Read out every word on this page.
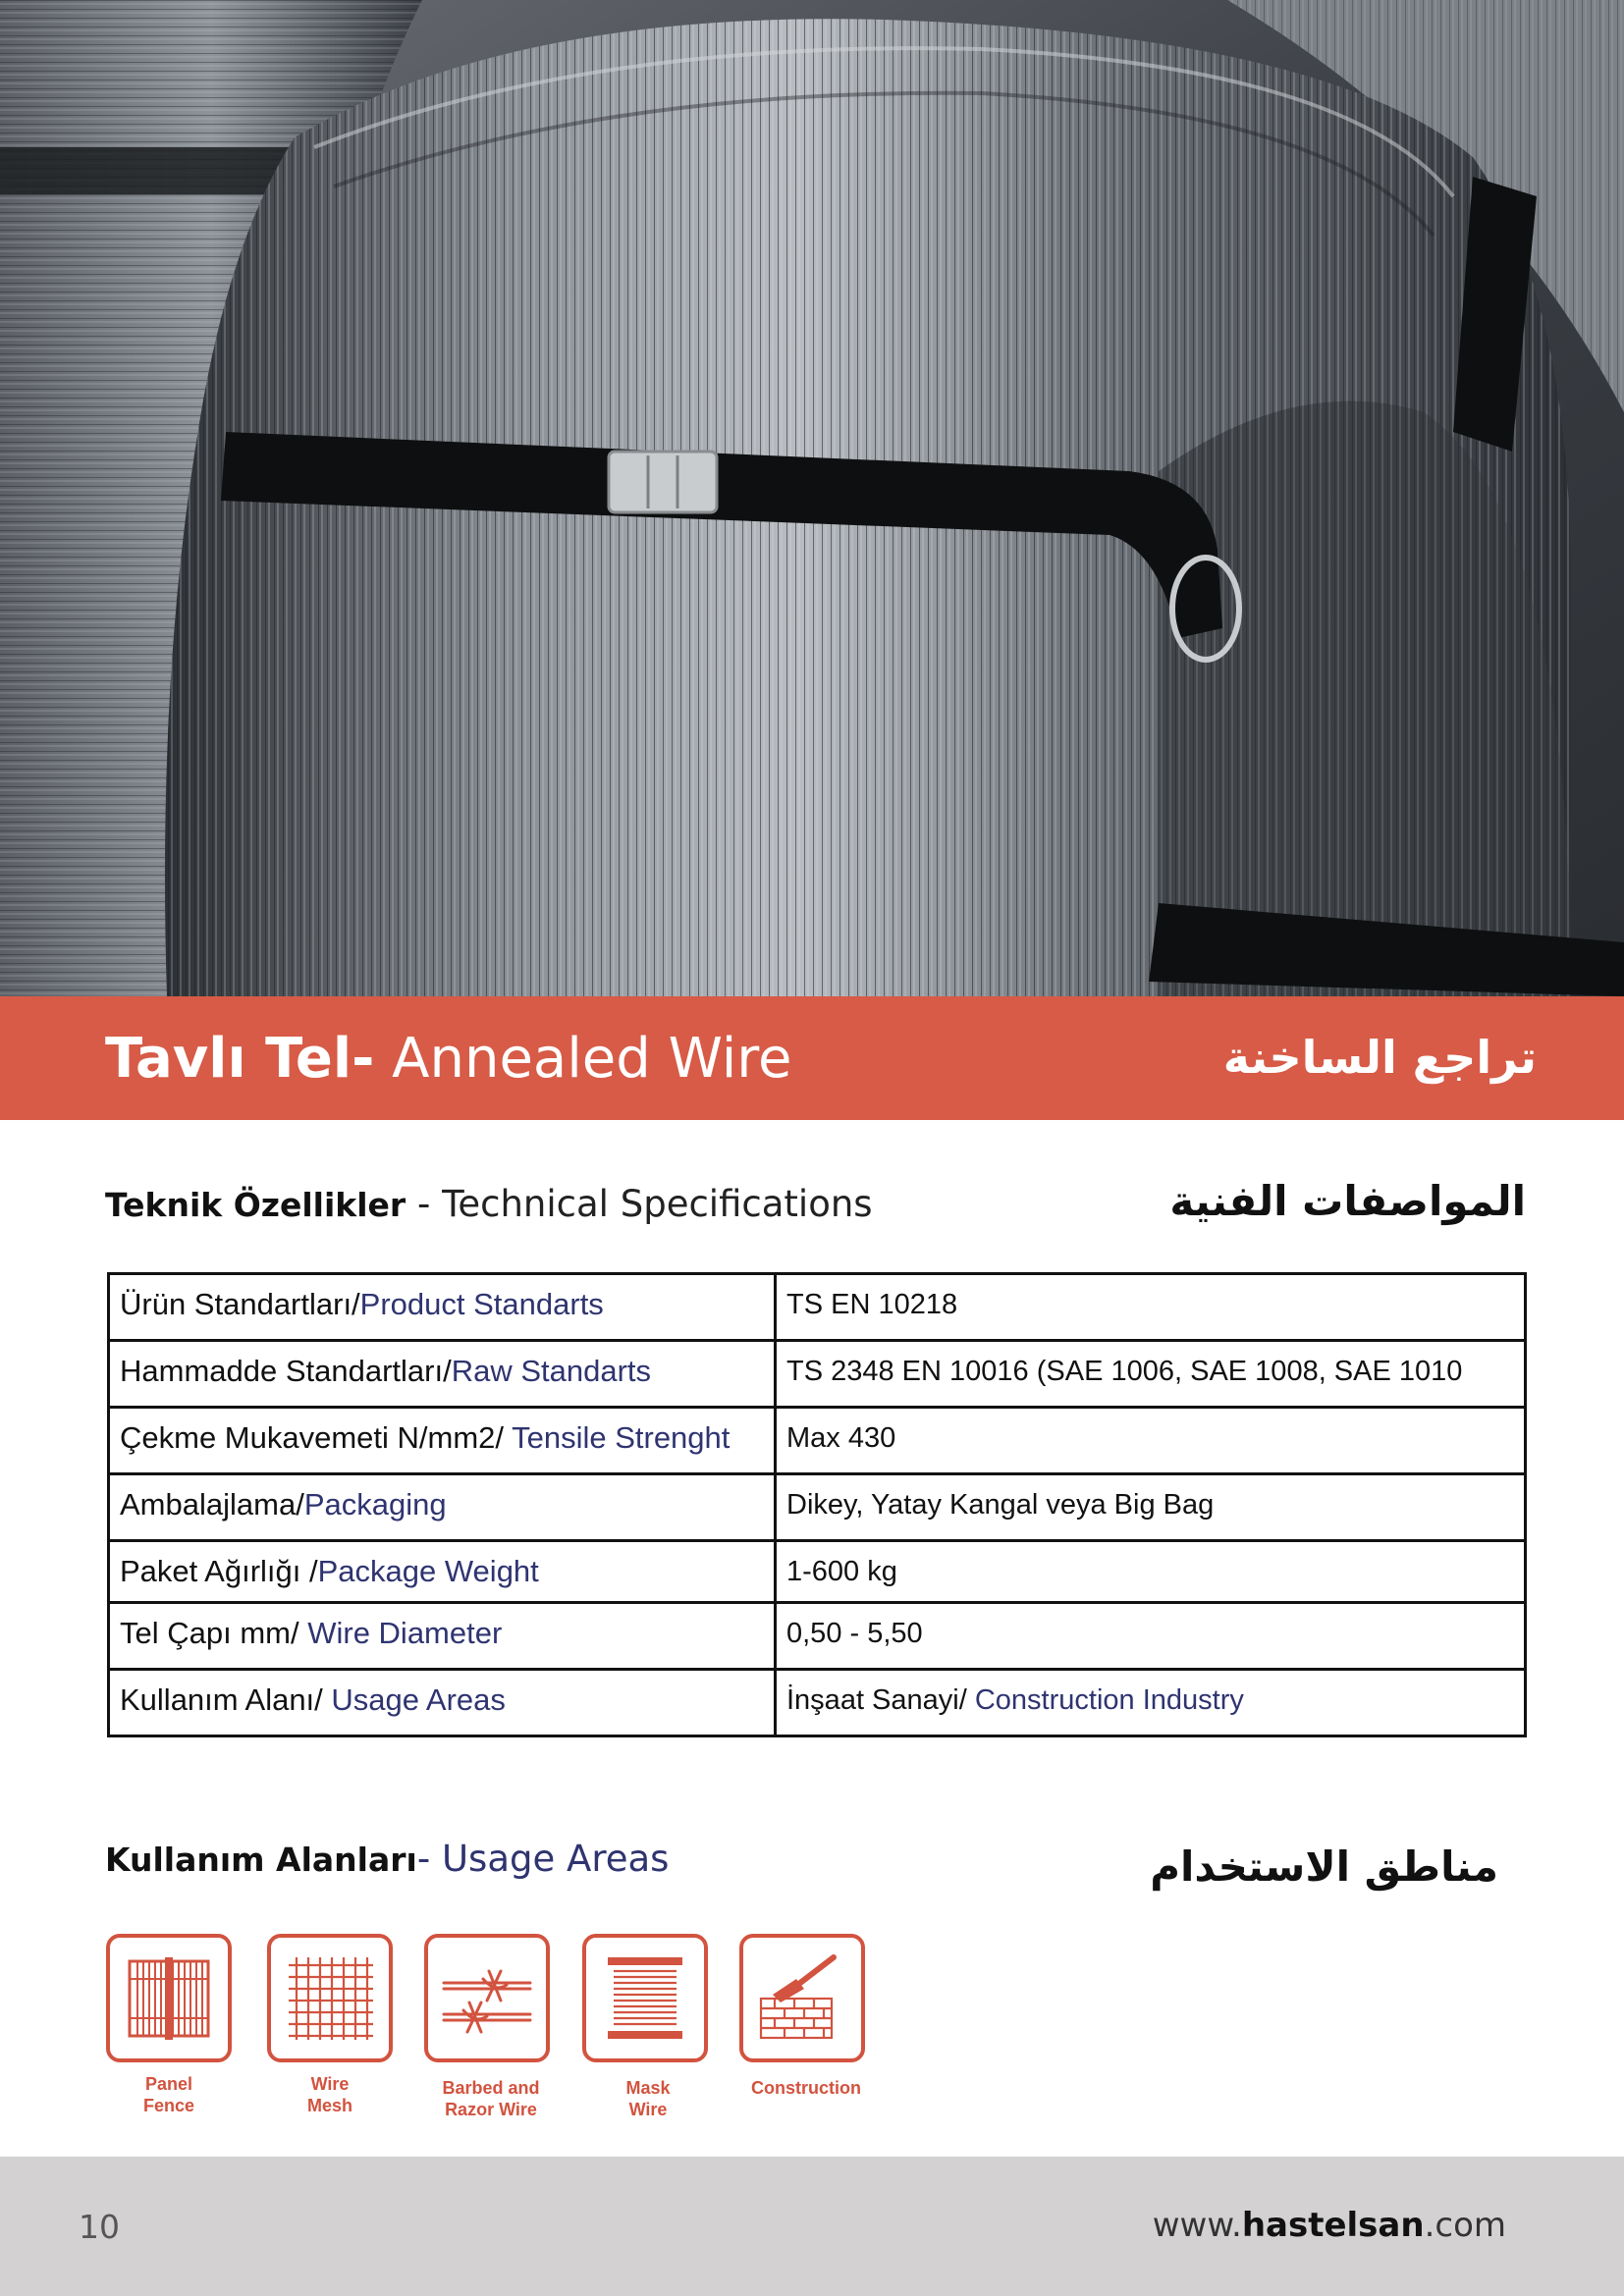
Tavlı Tel- Annealed Wire	تراجع الساخنة
Teknik Özellikler - Technical Specifications	المواصفات الفنية
Ürün Standartları/Product Standarts	TS EN 10218
Hammadde Standartları/Raw Standarts	TS 2348 EN 10016 (SAE 1006, SAE 1008, SAE 1010
Çekme Mukavemeti N/mm2/ Tensile Strenght	Max 430
Ambalajlama/Packaging	Dikey, Yatay Kangal veya Big Bag
Paket Ağırlığı /Package Weight	1-600 kg
Tel Çapı mm/ Wire Diameter	0,50 - 5,50
Kullanım Alanı/ Usage Areas	İnşaat Sanayi/ Construction Industry
Kullanım Alanları- Usage Areas	مناطق الاستخدام
Panel
Fence
Wire
Mesh
Barbed and
Razor Wire
Mask
Wire
Construction
10	www.hastelsan.com
